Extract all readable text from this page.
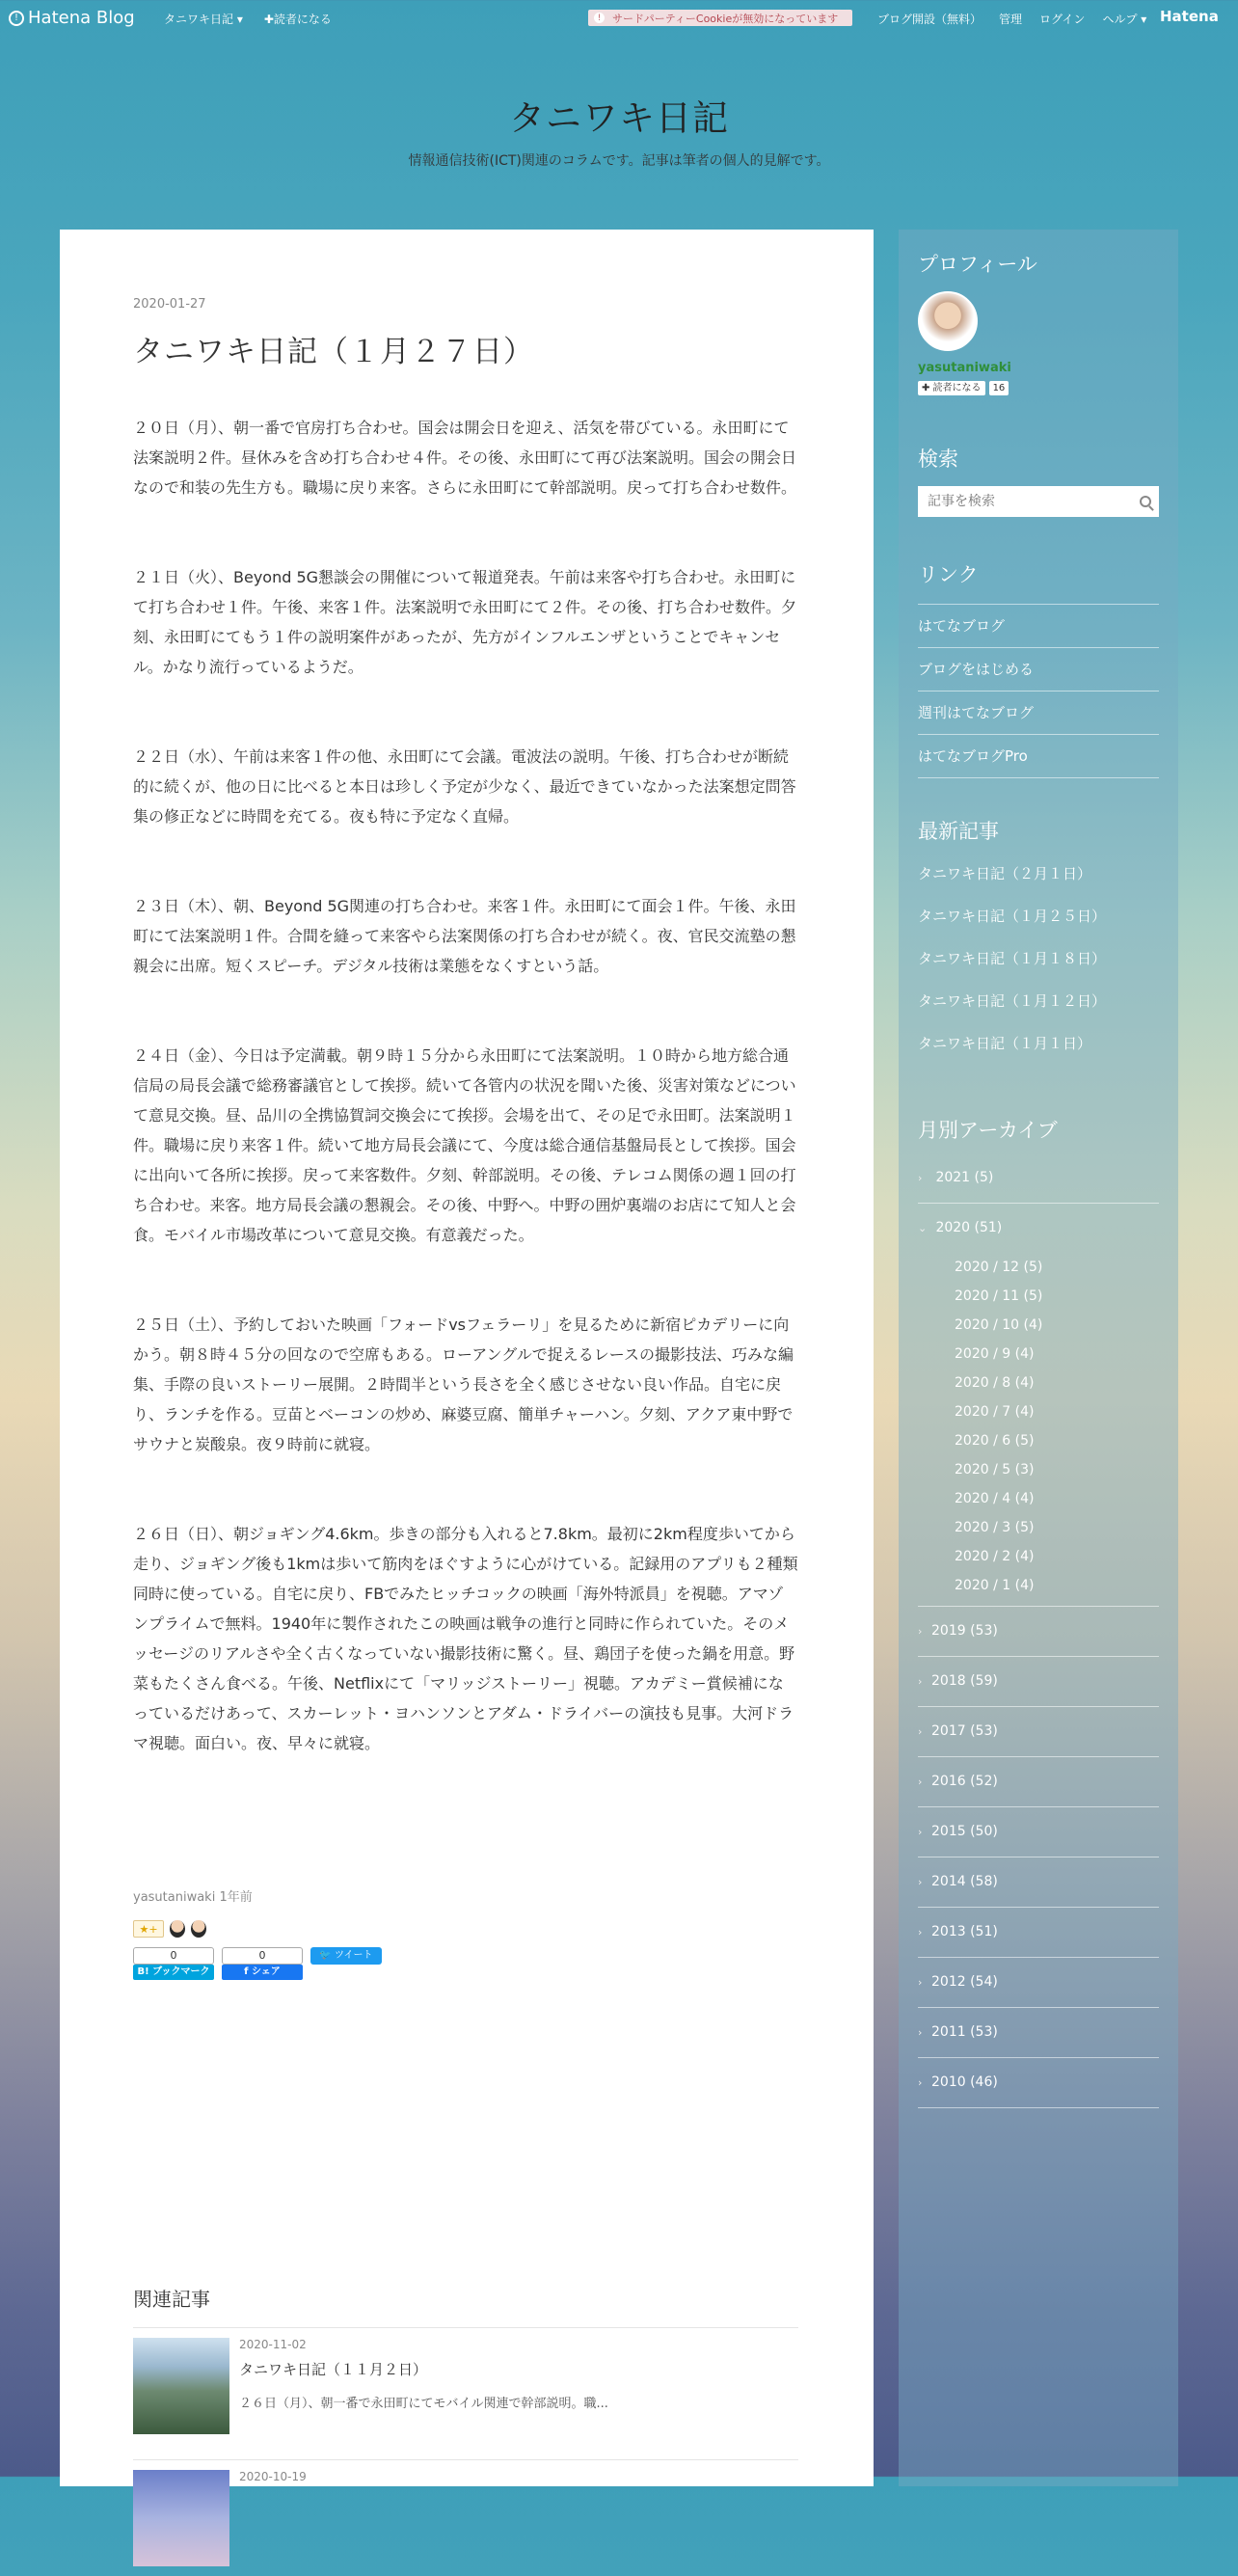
! Hatena Blog	タニワキ日記 ▾ ✚読者になる	!	サードパーティーCookieが無効になっています	ブログ開設（無料） 管理 ログイン ヘルプ ▾ Hatena
タニワキ日記
情報通信技術(ICT)関連のコラムです。記事は筆者の個人的見解です。
2020-01-27
タニワキ日記（１月２７日）

２０日（月）、朝一番で官房打ち合わせ。国会は開会日を迎え、活気を帯びている。永田町にて法案説明２件。昼休みを含め打ち合わせ４件。その後、永田町にて再び法案説明。国会の開会日なので和装の先生方も。職場に戻り来客。さらに永田町にて幹部説明。戻って打ち合わせ数件。

２１日（火）、Beyond 5G懇談会の開催について報道発表。午前は来客や打ち合わせ。永田町にて打ち合わせ１件。午後、来客１件。法案説明で永田町にて２件。その後、打ち合わせ数件。夕刻、永田町にてもう１件の説明案件があったが、先方がインフルエンザということでキャンセル。かなり流行っているようだ。

２２日（水）、午前は来客１件の他、永田町にて会議。電波法の説明。午後、打ち合わせが断続的に続くが、他の日に比べると本日は珍しく予定が少なく、最近できていなかった法案想定問答集の修正などに時間を充てる。夜も特に予定なく直帰。

２３日（木）、朝、Beyond 5G関連の打ち合わせ。来客１件。永田町にて面会１件。午後、永田町にて法案説明１件。合間を縫って来客やら法案関係の打ち合わせが続く。夜、官民交流塾の懇親会に出席。短くスピーチ。デジタル技術は業態をなくすという話。

２４日（金）、今日は予定満載。朝９時１５分から永田町にて法案説明。１０時から地方総合通信局の局長会議で総務審議官として挨拶。続いて各管内の状況を聞いた後、災害対策などについて意見交換。昼、品川の全携協賀詞交換会にて挨拶。会場を出て、その足で永田町。法案説明１件。職場に戻り来客１件。続いて地方局長会議にて、今度は総合通信基盤局長として挨拶。国会に出向いて各所に挨拶。戻って来客数件。夕刻、幹部説明。その後、テレコム関係の週１回の打ち合わせ。来客。地方局長会議の懇親会。その後、中野へ。中野の囲炉裏端のお店にて知人と会食。モバイル市場改革について意見交換。有意義だった。

２５日（土）、予約しておいた映画「フォードvsフェラーリ」を見るために新宿ピカデリーに向かう。朝８時４５分の回なので空席もある。ローアングルで捉えるレースの撮影技法、巧みな編集、手際の良いストーリー展開。２時間半という長さを全く感じさせない良い作品。自宅に戻り、ランチを作る。豆苗とベーコンの炒め、麻婆豆腐、簡単チャーハン。夕刻、アクア東中野でサウナと炭酸泉。夜９時前に就寝。

２６日（日）、朝ジョギング4.6km。歩きの部分も入れると7.8km。最初に2km程度歩いてから走り、ジョギング後も1kmは歩いて筋肉をほぐすように心がけている。記録用のアプリも２種類同時に使っている。自宅に戻り、FBでみたヒッチコックの映画「海外特派員」を視聴。アマゾンプライムで無料。1940年に製作されたこの映画は戦争の進行と同時に作られていた。そのメッセージのリアルさや全く古くなっていない撮影技術に驚く。昼、鶏団子を使った鍋を用意。野菜もたくさん食べる。午後、Netflixにて「マリッジストーリー」視聴。アカデミー賞候補になっているだけあって、スカーレット・ヨハンソンとアダム・ドライバーの演技も見事。大河ドラマ視聴。面白い。夜、早々に就寝。

yasutaniwaki 1年前
★+
0
B! ブックマーク
0
f シェア
🐦 ツイート
関連記事
2020-11-02
タニワキ日記（１１月２日）
２６日（月）、朝一番で永田町にてモバイル関連で幹部説明。職...
2020-10-19
プロフィール
yasutaniwaki
✚ 読者になる	16
検索
記事を検索
リンク
はてなブログ
ブログをはじめる
週刊はてなブログ
はてなブログPro
最新記事
タニワキ日記（２月１日）
タニワキ日記（１月２５日）
タニワキ日記（１月１８日）
タニワキ日記（１月１２日）
タニワキ日記（１月１日）
月別アーカイブ
› 2021 (5)
⌄ 2020 (51)
2020 / 12 (5)
2020 / 11 (5)
2020 / 10 (4)
2020 / 9 (4)
2020 / 8 (4)
2020 / 7 (4)
2020 / 6 (5)
2020 / 5 (3)
2020 / 4 (4)
2020 / 3 (5)
2020 / 2 (4)
2020 / 1 (4)
› 2019 (53)
› 2018 (59)
› 2017 (53)
› 2016 (52)
› 2015 (50)
› 2014 (58)
› 2013 (51)
› 2012 (54)
› 2011 (53)
› 2010 (46)
